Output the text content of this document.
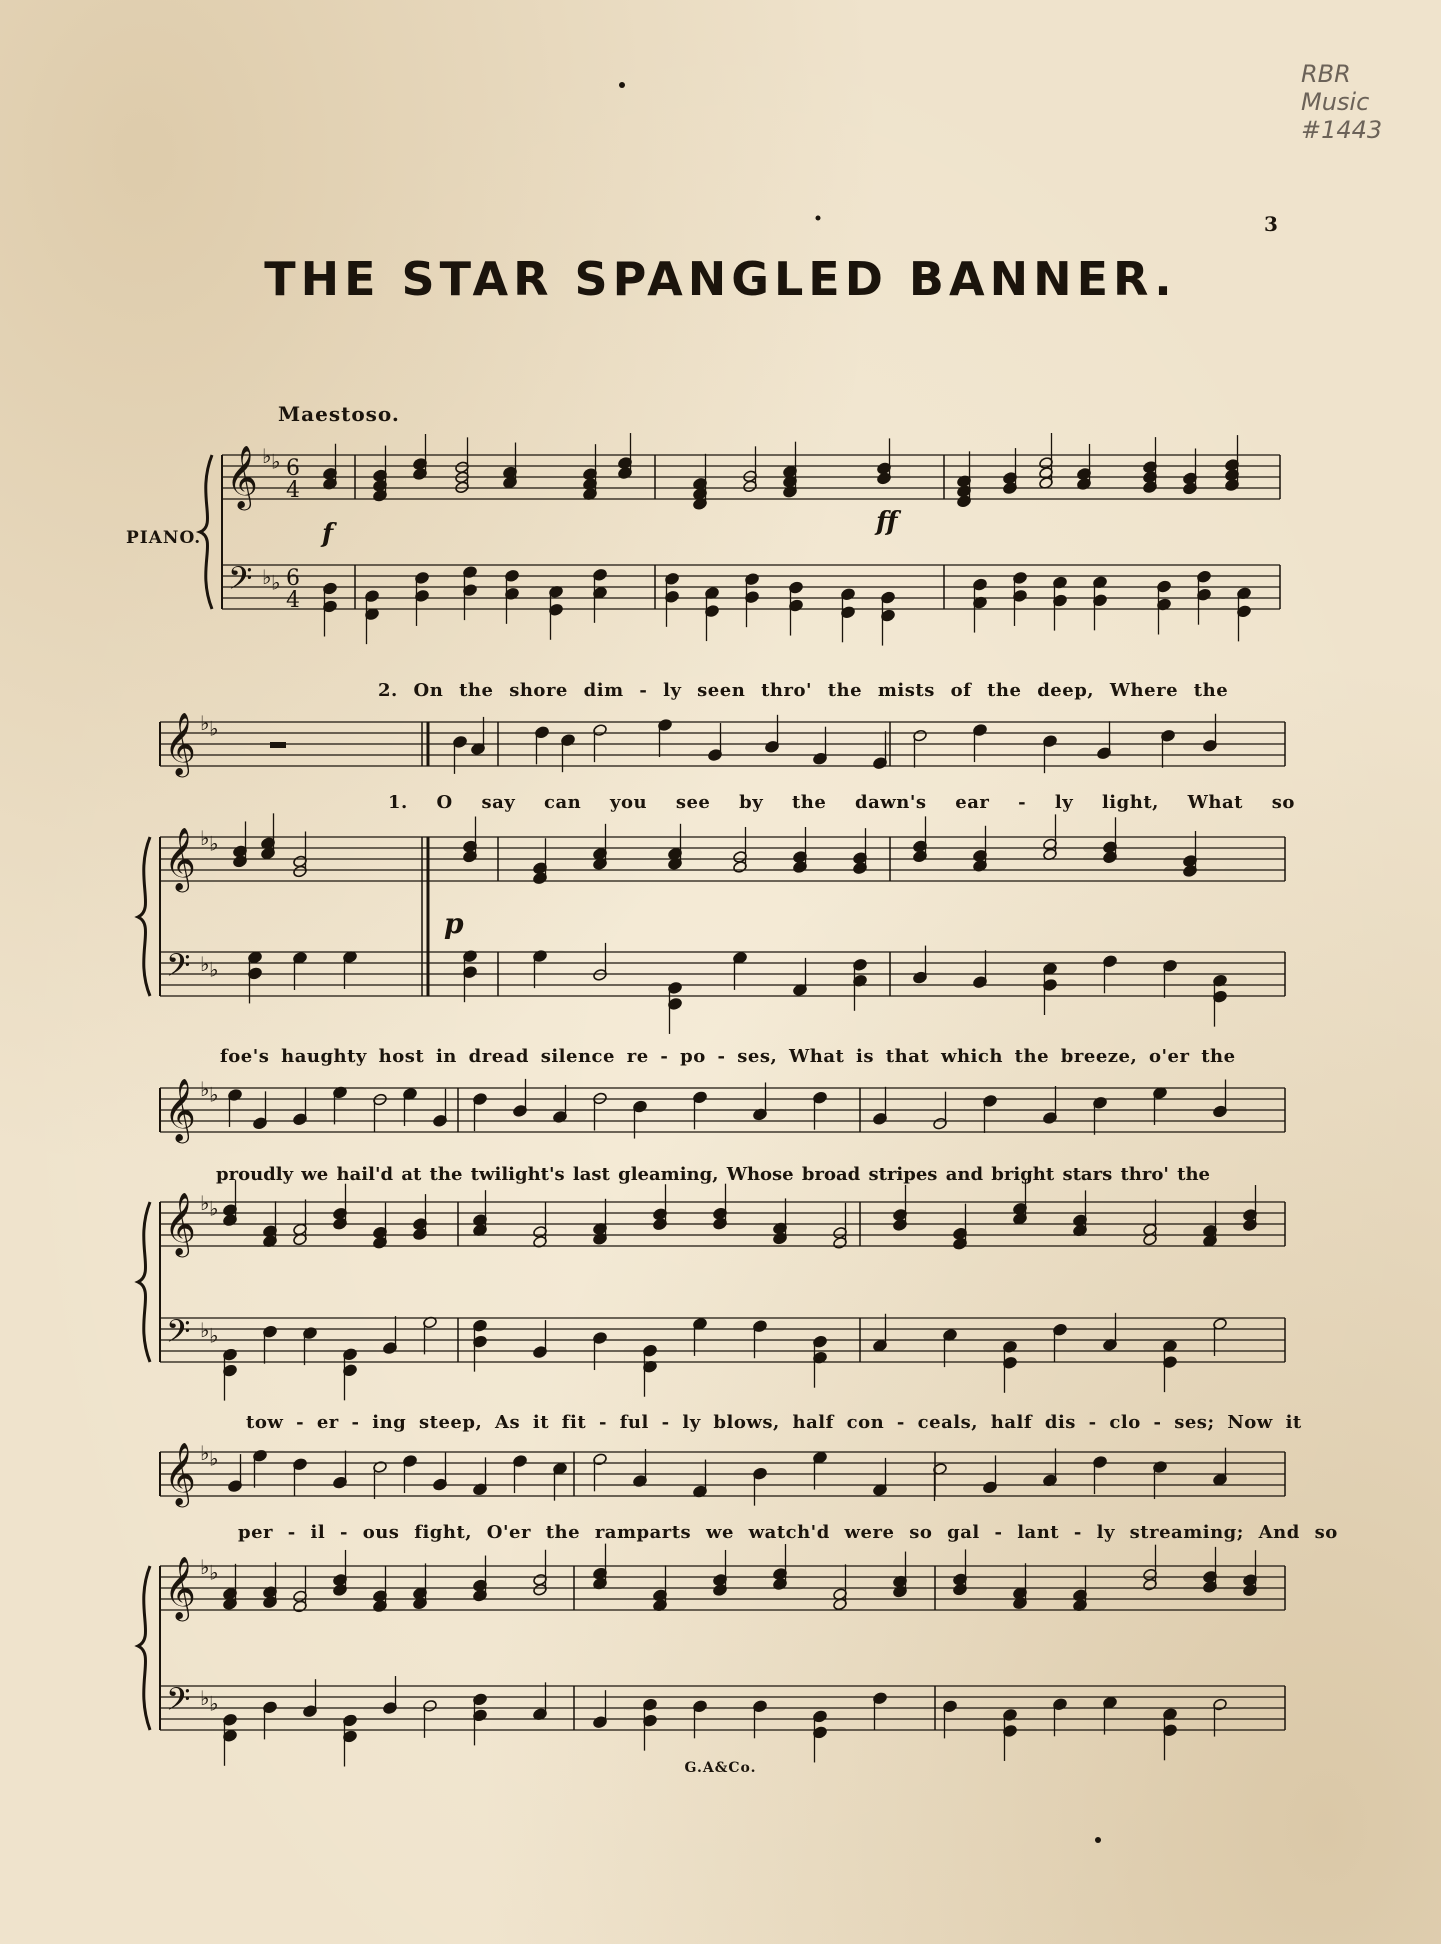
RBR
Music
#1443
3
THE STAR SPANGLED BANNER.
Maestoso.
PIANO.
𝄞
𝄢
♭ ♭
♭ ♭
6
4
6
4
f	ff
𝄞
𝄞
𝄢
♭ ♭
♭ ♭
♭ ♭
p
𝄞
𝄞
𝄢
♭ ♭
♭ ♭
♭ ♭
𝄞
𝄞
𝄢
♭ ♭
♭ ♭
♭ ♭
2. On the shore dim - ly seen thro' the mists of the deep, Where the
1. O say can you see by the dawn's ear - ly light, What so
foe's haughty host in dread silence re - po - ses, What is that which the breeze, o'er the
proudly we hail'd at the twilight's last gleaming, Whose broad stripes and bright stars thro' the
tow - er - ing steep, As it fit - ful - ly blows, half con - ceals, half dis - clo - ses; Now it
per - il - ous fight, O'er the ramparts we watch'd were so gal - lant - ly streaming; And so
G.A&Co.
